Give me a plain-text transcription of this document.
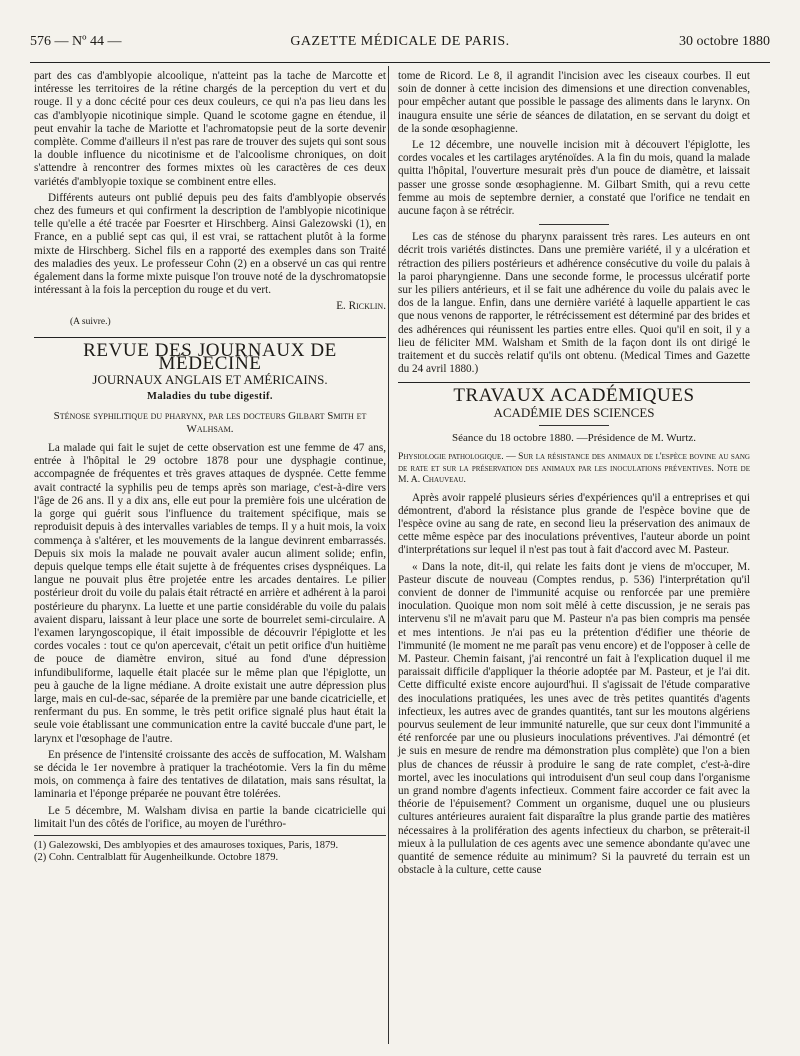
576 — Nº 44 —	GAZETTE MÉDICALE DE PARIS.	30 octobre 1880

part des cas d'amblyopie alcoolique, n'atteint pas la tache de Marcotte et intéresse les territoires de la rétine chargés de la perception du vert et du rouge. Il y a donc cécité pour ces deux couleurs, ce qui n'a pas lieu dans les cas d'amblyopie nicotinique simple. Quand le scotome gagne en étendue, il peut envahir la tache de Mariotte et l'achromatopsie peut de la sorte devenir complète. Comme d'ailleurs il n'est pas rare de trouver des sujets qui sont sous la double influence du nicotinisme et de l'alcoolisme chroniques, on doit s'attendre à rencontrer des formes mixtes où les caractères de ces deux variétés d'amblyopie toxique se combinent entre elles.

Différents auteurs ont publié depuis peu des faits d'amblyopie observés chez des fumeurs et qui confirment la description de l'amblyopie nicotinique telle qu'elle a été tracée par Foesrter et Hirschberg. Ainsi Galezowski (1), en France, en a publié sept cas qui, il est vrai, se rattachent plutôt à la forme mixte de Hirschberg. Sichel fils en a rapporté des exemples dans son Traité des maladies des yeux. Le professeur Cohn (2) en a observé un cas qui rentre également dans la forme mixte puisque l'on trouve noté de la dyschromatopsie intéressant à la fois la perception du rouge et du vert.

E. Ricklin.

(A suivre.)
REVUE DES JOURNAUX DE MÉDECINE
JOURNAUX ANGLAIS ET AMÉRICAINS.
Maladies du tube digestif.
Sténose syphilitique du pharynx, par les docteurs Gilbart Smith et Walhsam.

La malade qui fait le sujet de cette observation est une femme de 47 ans, entrée à l'hôpital le 29 octobre 1878 pour une dysphagie continue, accompagnée de fréquentes et très graves attaques de dyspnée. Cette femme avait contracté la syphilis peu de temps après son mariage, c'est-à-dire vers l'âge de 26 ans. Il y a dix ans, elle eut pour la première fois une ulcération de la gorge qui guérit sous l'influence du traitement spécifique, mais se reproduisit depuis à des intervalles variables de temps. Il y a huit mois, la voix commença à s'altérer, et les mouvements de la langue devinrent embarrassés. Depuis six mois la malade ne pouvait avaler aucun aliment solide; enfin, depuis quelque temps elle était sujette à de fréquentes crises dyspnéiques. La langue ne pouvait plus être projetée entre les arcades dentaires. Le pilier postérieur droit du voile du palais était rétracté en arrière et adhérent à la paroi postérieure du pharynx. La luette et une partie considérable du voile du palais avaient disparu, laissant à leur place une sorte de bourrelet semi-circulaire. A l'examen laryngoscopique, il était impossible de découvrir l'épiglotte et les cordes vocales : tout ce qu'on apercevait, c'était un petit orifice d'un huitième de pouce de diamètre environ, situé au fond d'une dépression infundibuliforme, laquelle était placée sur le même plan que l'épiglotte, un peu à gauche de la ligne médiane. A droite existait une autre dépression plus large, mais en cul-de-sac, séparée de la première par une bande cicatricielle, et renfermant du pus. En somme, le très petit orifice signalé plus haut était la seule voie établissant une communication entre la cavité buccale d'une part, le larynx et l'œsophage de l'autre.

En présence de l'intensité croissante des accès de suffocation, M. Walsham se décida le 1er novembre à pratiquer la trachéotomie. Vers la fin du même mois, on commença à faire des tentatives de dilatation, mais sans résultat, la laminaria et l'éponge préparée ne pouvant être tolérées.

Le 5 décembre, M. Walsham divisa en partie la bande cicatricielle qui limitait l'un des côtés de l'orifice, au moyen de l'uréthro-

(1) Galezowski, Des amblyopies et des amauroses toxiques, Paris, 1879.

(2) Cohn. Centralblatt für Augenheilkunde. Octobre 1879.

tome de Ricord. Le 8, il agrandit l'incision avec les ciseaux courbes. Il eut soin de donner à cette incision des dimensions et une direction convenables, pour empêcher autant que possible le passage des aliments dans le larynx. On inaugura ensuite une série de séances de dilatation, en se servant du doigt et de la sonde œsophagienne.

Le 12 décembre, une nouvelle incision mit à découvert l'épiglotte, les cordes vocales et les cartilages aryténoïdes. A la fin du mois, quand la malade quitta l'hôpital, l'ouverture mesurait près d'un pouce de diamètre, et laissait passer une grosse sonde œsophagienne. M. Gilbart Smith, qui a revu cette femme au mois de septembre dernier, a constaté que l'orifice ne tendait en aucune façon à se rétrécir.

Les cas de sténose du pharynx paraissent très rares. Les auteurs en ont décrit trois variétés distinctes. Dans une première variété, il y a ulcération et rétraction des piliers postérieurs et adhérence consécutive du voile du palais à la paroi pharyngienne. Dans une seconde forme, le processus ulcératif porte sur les piliers antérieurs, et il se fait une adhérence du voile du palais avec le dos de la langue. Enfin, dans une dernière variété à laquelle appartient le cas que nous venons de rapporter, le rétrécissement est déterminé par des brides et des adhérences qui réunissent les parties entre elles. Quoi qu'il en soit, il y a lieu de féliciter MM. Walsham et Smith de la façon dont ils ont dirigé le traitement et du succès relatif qu'ils ont obtenu. (Medical Times and Gazette du 24 avril 1880.)

TRAVAUX ACADÉMIQUES
ACADÉMIE DES SCIENCES
Séance du 18 octobre 1880. —Présidence de M. Wurtz.

Physiologie pathologique. — Sur la résistance des animaux de l'espèce bovine au sang de rate et sur la préservation des animaux par les inoculations préventives. Note de M. A. Chauveau.

Après avoir rappelé plusieurs séries d'expériences qu'il a entreprises et qui démontrent, d'abord la résistance plus grande de l'espèce bovine que de l'espèce ovine au sang de rate, en second lieu la préservation des animaux de cette même espèce par des inoculations préventives, l'auteur aborde un point d'interprétations sur lequel il n'est pas tout à fait d'accord avec M. Pasteur.

« Dans la note, dit-il, qui relate les faits dont je viens de m'occuper, M. Pasteur discute de nouveau (Comptes rendus, p. 536) l'interprétation qu'il convient de donner de l'immunité acquise ou renforcée par une première inoculation. Quoique mon nom soit mêlé à cette discussion, je ne serais pas intervenu s'il ne m'avait paru que M. Pasteur n'a pas bien compris ma pensée et mes intentions. Je n'ai pas eu la prétention d'édifier une théorie de l'immunité (le moment ne me paraît pas venu encore) et de l'opposer à celle de M. Pasteur. Chemin faisant, j'ai rencontré un fait à l'explication duquel il me paraissait difficile d'appliquer la théorie adoptée par M. Pasteur, et je l'ai dit. Cette difficulté existe encore aujourd'hui. Il s'agissait de l'étude comparative des inoculations pratiquées, les unes avec de très petites quantités d'agents infectieux, les autres avec de grandes quantités, tant sur les moutons algériens pourvus seulement de leur immunité naturelle, que sur ceux dont l'immunité a été renforcée par une ou plusieurs inoculations préventives. J'ai démontré (et je suis en mesure de rendre ma démonstration plus complète) que l'on a bien plus de chances de réussir à produire le sang de rate complet, c'est-à-dire mortel, avec les inoculations qui introduisent d'un seul coup dans l'organisme un grand nombre d'agents infectieux. Comment faire accorder ce fait avec la théorie de l'épuisement? Comment un organisme, duquel une ou plusieurs cultures antérieures auraient fait disparaître la plus grande partie des matières nécessaires à la prolifération des agents infectieux du charbon, se prêterait-il mieux à la pullulation de ces agents avec une semence abondante qu'avec une quantité de semence réduite au minimum? Si la pauvreté du terrain est un obstacle à la culture, cette cause
